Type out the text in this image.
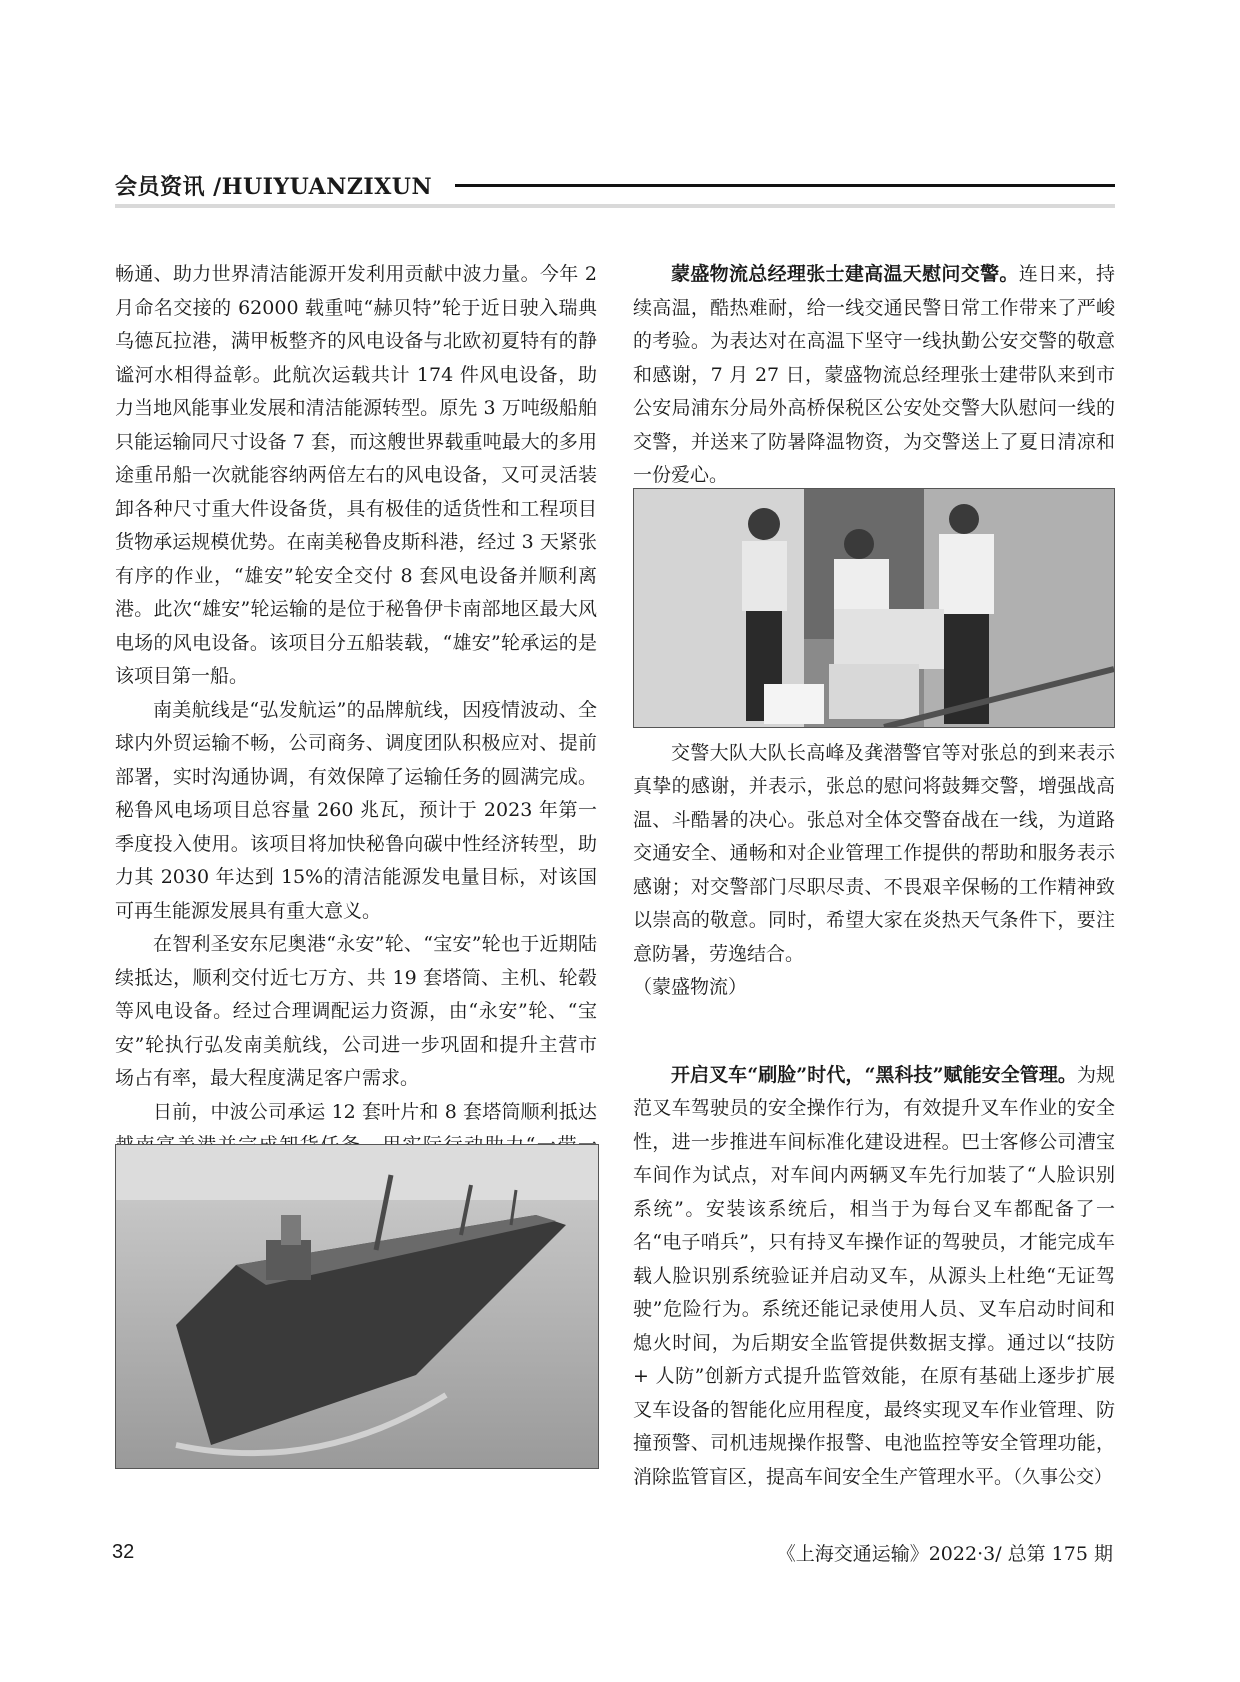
会员资讯 /HUIYUANZIXUN

畅通、助力世界清洁能源开发利用贡献中波力量。今年 2 月命名交接的 62000 载重吨“赫贝特”轮于近日驶入瑞典乌德瓦拉港，满甲板整齐的风电设备与北欧初夏特有的静谧河水相得益彰。此航次运载共计 174 件风电设备，助力当地风能事业发展和清洁能源转型。原先 3 万吨级船舶只能运输同尺寸设备 7 套，而这艘世界载重吨最大的多用途重吊船一次就能容纳两倍左右的风电设备，又可灵活装卸各种尺寸重大件设备货，具有极佳的适货性和工程项目货物承运规模优势。在南美秘鲁皮斯科港，经过 3 天紧张有序的作业，“雄安”轮安全交付 8 套风电设备并顺利离港。此次“雄安”轮运输的是位于秘鲁伊卡南部地区最大风电场的风电设备。该项目分五船装载，“雄安”轮承运的是该项目第一船。

南美航线是“弘发航运”的品牌航线，因疫情波动、全球内外贸运输不畅，公司商务、调度团队积极应对、提前部署，实时沟通协调，有效保障了运输任务的圆满完成。秘鲁风电场项目总容量 260 兆瓦，预计于 2023 年第一季度投入使用。该项目将加快秘鲁向碳中性经济转型，助力其 2030 年达到 15%的清洁能源发电量目标，对该国可再生能源发展具有重大意义。

在智利圣安东尼奥港“永安”轮、“宝安”轮也于近期陆续抵达，顺利交付近七万方、共 19 套塔筒、主机、轮毂等风电设备。经过合理调配运力资源，由“永安”轮、“宝安”轮执行弘发南美航线，公司进一步巩固和提升主营市场占有率，最大程度满足客户需求。

日前，中波公司承运 12 套叶片和 8 套塔筒顺利抵达

蒙盛物流总经理张士建高温天慰问交警。连日来，持续高温，酷热难耐，给一线交通民警日常工作带来了严峻的考验。为表达对在高温下坚守一线执勤公安交警的敬意和感谢，7 月 27 日，蒙盛物流总经理张士建带队来到市公安局浦东分局外高桥保税区公安处交警大队慰问一线的交警，并送来了防暑降温物资，为交警送上了夏日清凉和一份爱心。

交警大队大队长高峰及龚潜警官等对张总的到来表示真挚的感谢，并表示，张总的慰问将鼓舞交警，增强战高温、斗酷暑的决心。张总对全体交警奋战在一线，为道路交通安全、通畅和对企业管理工作提供的帮助和服务表示感谢；对交警部门尽职尽责、不畏艰辛保畅的工作精神致以崇高的敬意。同时，希望大家在炎热天气条件下，要注意防暑，劳逸结合。

（蒙盛物流）

开启叉车“刷脸”时代，“黑科技”赋能安全管理。为规范叉车驾驶员的安全操作行为，有效提升叉车作业的安全性，进一步推进车间标准化建设进程。巴士客修公司漕宝车间作为试点，对车间内两辆叉车先行加装了“人脸识别系统”。安装该系统后，相当于为每台叉车都配备了一名“电子哨兵”，只有持叉车操作证的驾驶员，才能完成车载人脸识别系统验证并启动叉车，从源头上杜绝“无证驾驶”危险行为。系统还能记录使用人员、叉车启动时间和熄火时间，为后期安全监管提供数据支撑。通过以“技防 + 人防”创新方式提升监管效能，在原有基础上逐步扩展叉车设备的智能化应用程度，最终实现叉车作业管理、防撞预警、司机违规操作报警、电池监控等安全管理功能，消除监管盲区，提高车间安全生产管理水平。（久事公交）

32	《上海交通运输》2022·3/ 总第 175 期
